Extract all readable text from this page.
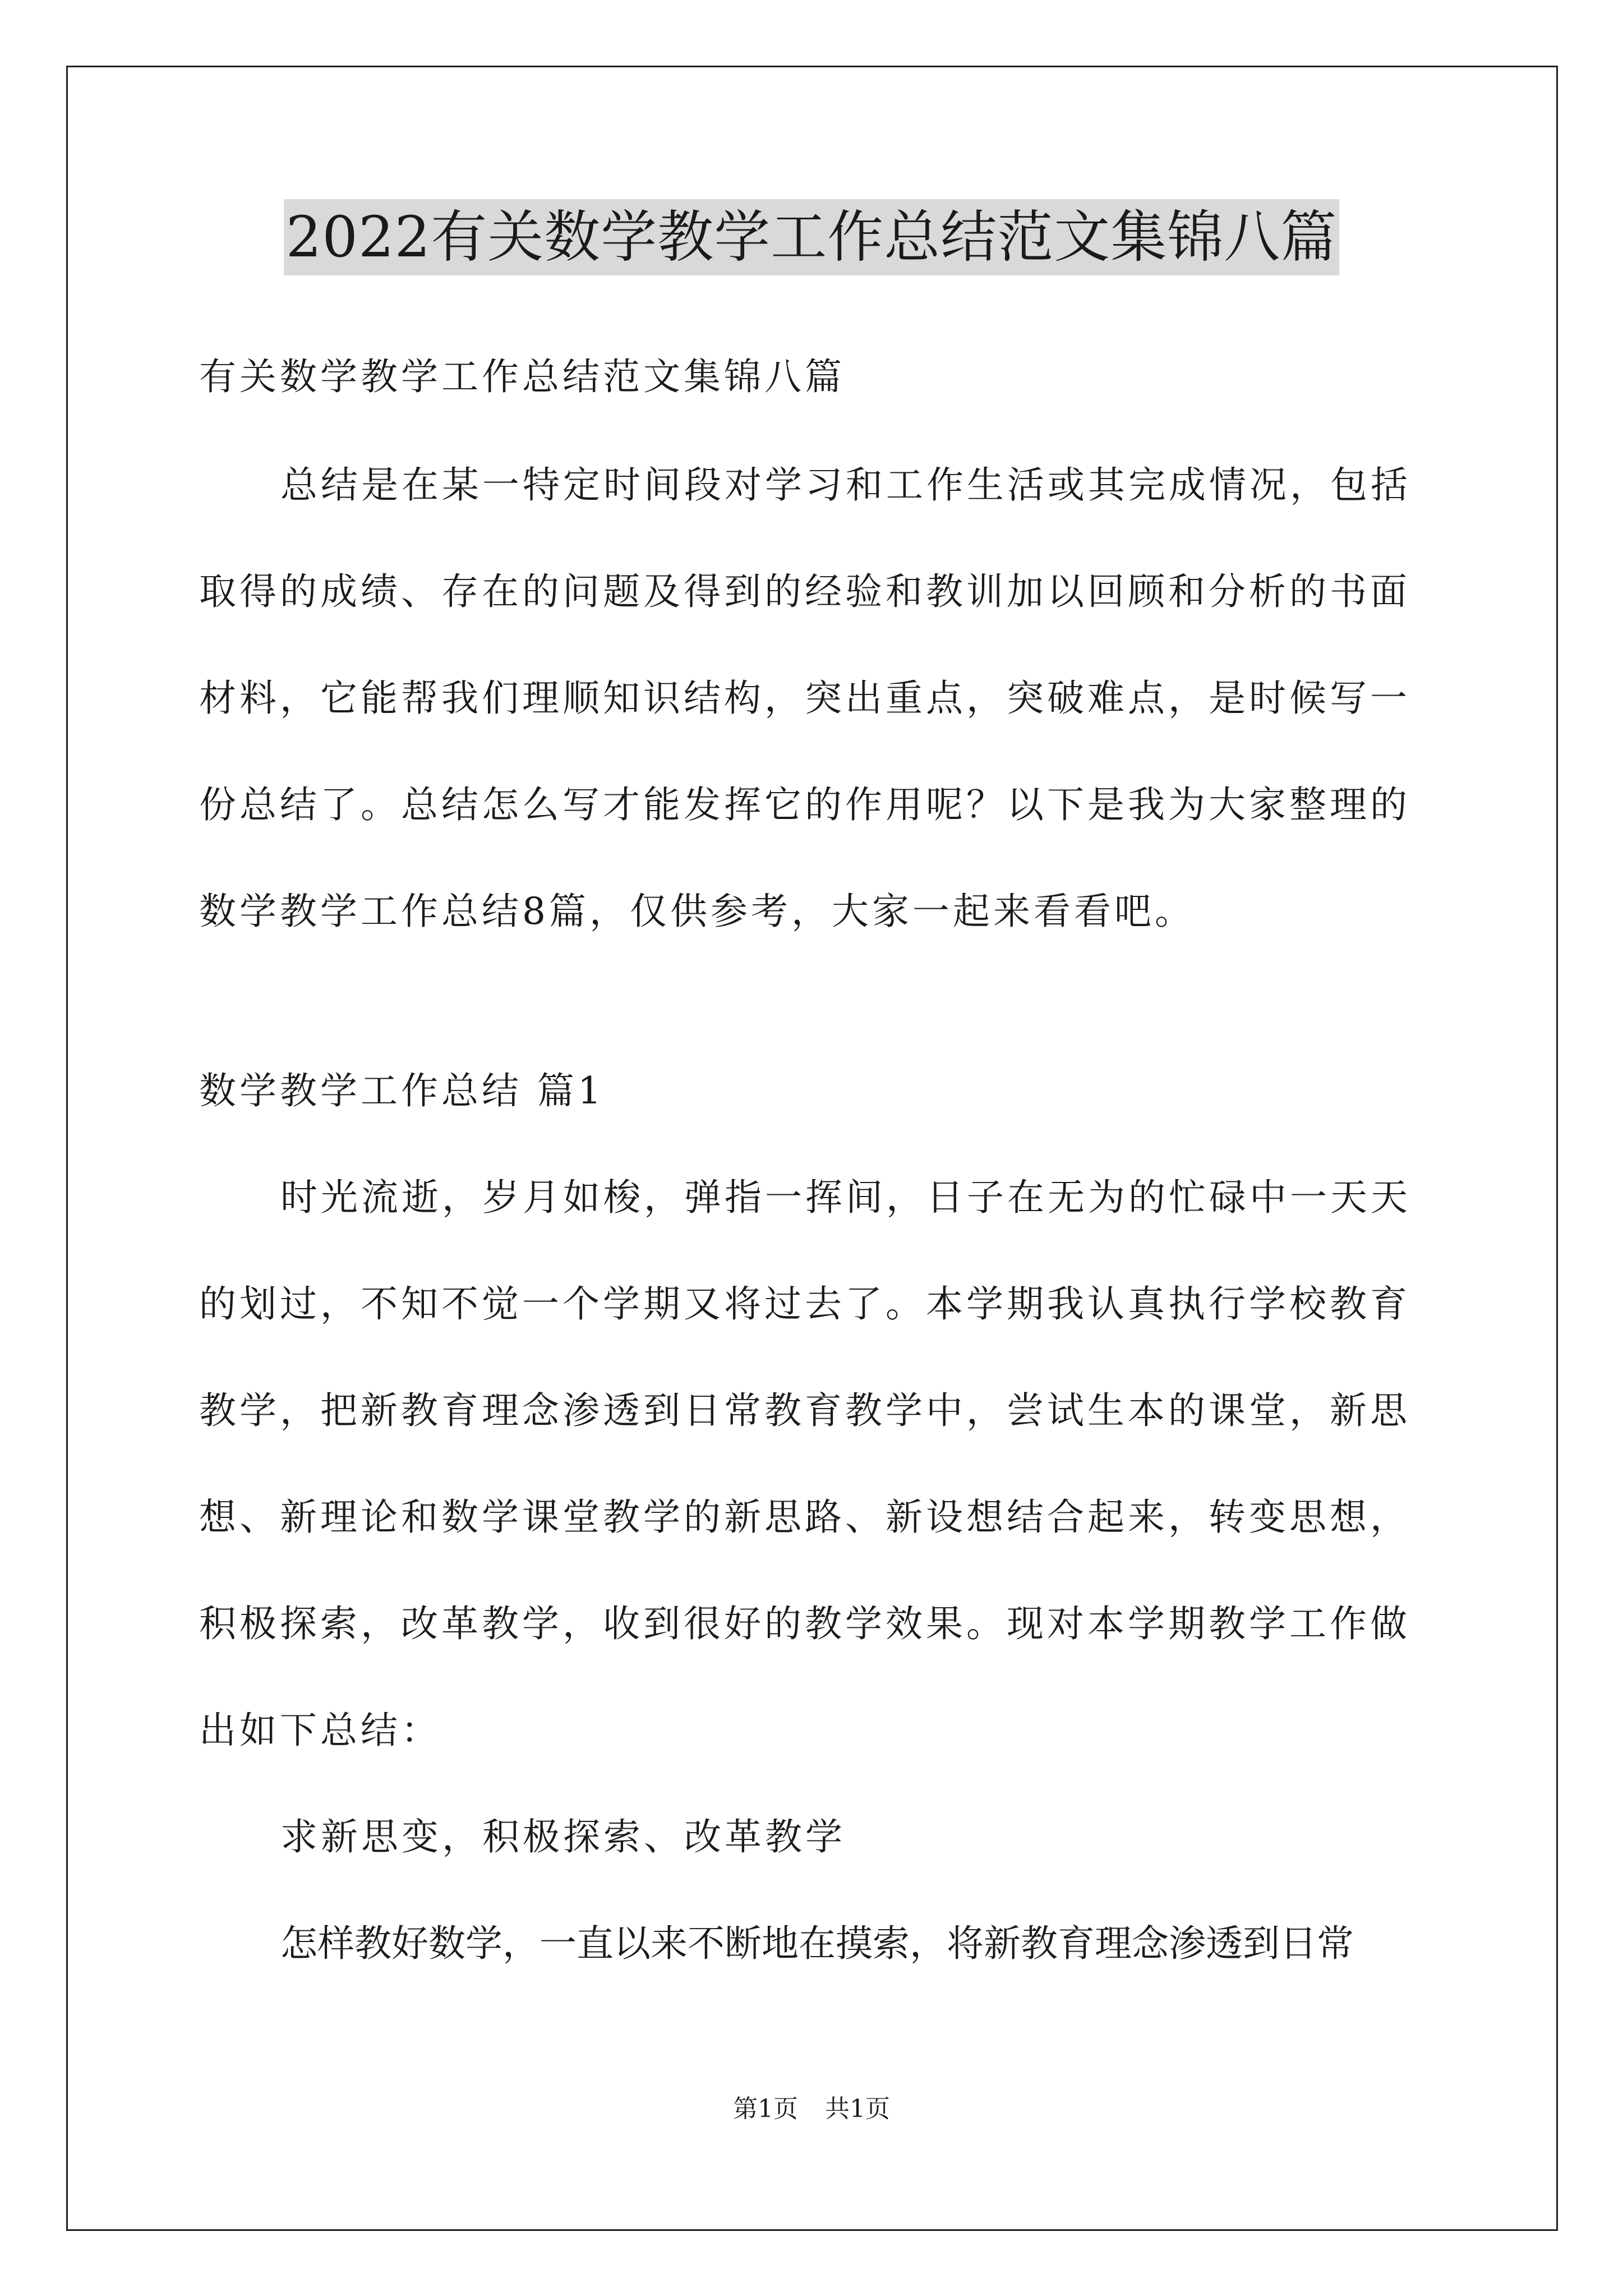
2022有关数学教学工作总结范文集锦八篇
有关数学教学工作总结范文集锦八篇
总结是在某一特定时间段对学习和工作生活或其完成情况，包括
取得的成绩、存在的问题及得到的经验和教训加以回顾和分析的书面
材料，它能帮我们理顺知识结构，突出重点，突破难点，是时候写一
份总结了。总结怎么写才能发挥它的作用呢？以下是我为大家整理的
数学教学工作总结8篇，仅供参考，大家一起来看看吧。
数学教学工作总结 篇1
时光流逝，岁月如梭，弹指一挥间，日子在无为的忙碌中一天天
的划过，不知不觉一个学期又将过去了。本学期我认真执行学校教育
教学，把新教育理念渗透到日常教育教学中，尝试生本的课堂，新思
想、新理论和数学课堂教学的新思路、新设想结合起来，转变思想，
积极探索，改革教学，收到很好的教学效果。现对本学期教学工作做
出如下总结：
求新思变，积极探索、改革教学
怎样教好数学，一直以来不断地在摸索，将新教育理念渗透到日常
第1页 共1页
